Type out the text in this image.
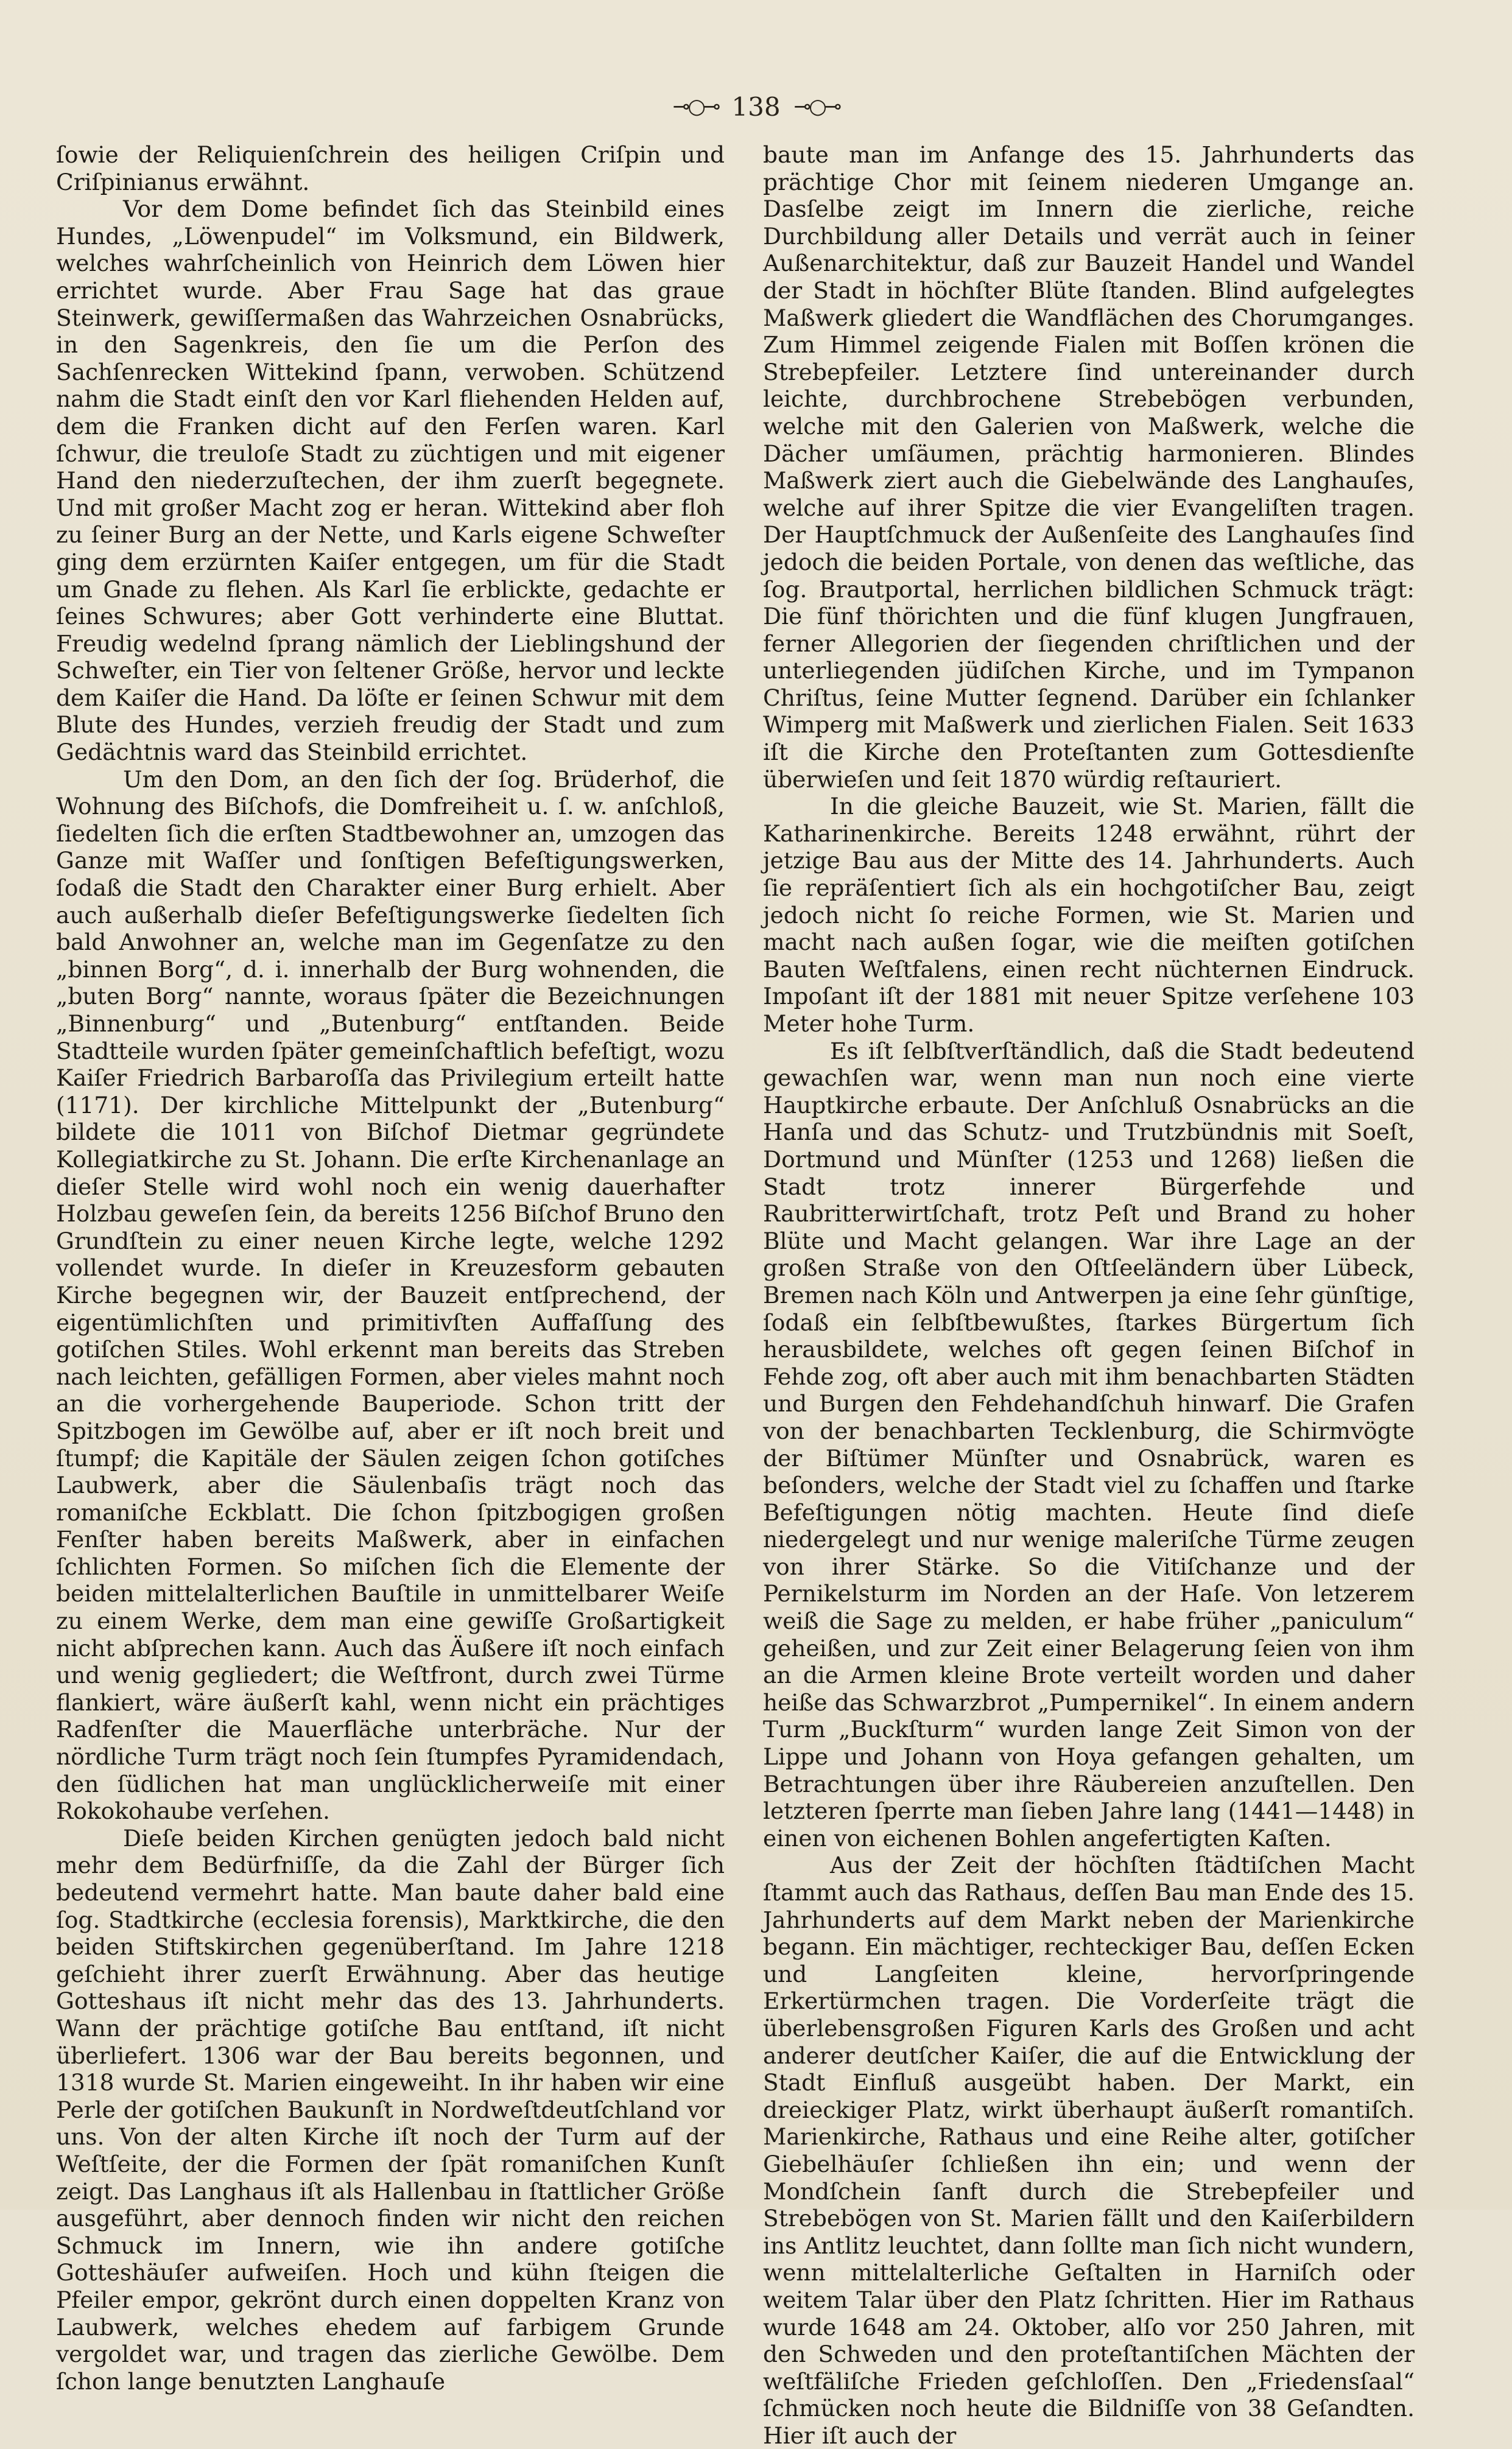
⊸○⊸ 138 ⊸○⊸

ſowie der Reliquienſchrein des heiligen Criſpin und Criſpinianus erwähnt.

Vor dem Dome befindet ſich das Steinbild eines Hundes, „Löwenpudel“ im Volksmund, ein Bildwerk, welches wahrſcheinlich von Heinrich dem Löwen hier errichtet wurde. Aber Frau Sage hat das graue Steinwerk, gewiſſermaßen das Wahrzeichen Osnabrücks, in den Sagenkreis, den ſie um die Perſon des Sachſenrecken Wittekind ſpann, verwoben. Schützend nahm die Stadt einſt den vor Karl fliehenden Helden auf, dem die Franken dicht auf den Ferſen waren. Karl ſchwur, die treuloſe Stadt zu züchtigen und mit eigener Hand den niederzuſtechen, der ihm zuerſt begegnete. Und mit großer Macht zog er heran. Wittekind aber floh zu ſeiner Burg an der Nette, und Karls eigene Schweſter ging dem erzürnten Kaiſer entgegen, um für die Stadt um Gnade zu flehen. Als Karl ſie erblickte, gedachte er ſeines Schwures; aber Gott verhinderte eine Bluttat. Freudig wedelnd ſprang nämlich der Lieblingshund der Schweſter, ein Tier von ſeltener Größe, hervor und leckte dem Kaiſer die Hand. Da löſte er ſeinen Schwur mit dem Blute des Hundes, verzieh freudig der Stadt und zum Gedächtnis ward das Steinbild errichtet.

Um den Dom, an den ſich der ſog. Brüderhof, die Wohnung des Biſchofs, die Domfreiheit u. ſ. w. anſchloß, ſiedelten ſich die erſten Stadtbewohner an, umzogen das Ganze mit Waſſer und ſonſtigen Befeſtigungswerken, ſodaß die Stadt den Charakter einer Burg erhielt. Aber auch außerhalb dieſer Befeſtigungswerke ſiedelten ſich bald Anwohner an, welche man im Gegenſatze zu den „binnen Borg“, d. i. innerhalb der Burg wohnenden, die „buten Borg“ nannte, woraus ſpäter die Bezeichnungen „Binnenburg“ und „Butenburg“ entſtanden. Beide Stadtteile wurden ſpäter gemeinſchaftlich befeſtigt, wozu Kaiſer Friedrich Barbaroſſa das Privilegium erteilt hatte (1171). Der kirchliche Mittelpunkt der „Butenburg“ bildete die 1011 von Biſchof Dietmar gegründete Kollegiatkirche zu St. Johann. Die erſte Kirchenanlage an dieſer Stelle wird wohl noch ein wenig dauerhafter Holzbau geweſen ſein, da bereits 1256 Biſchof Bruno den Grundſtein zu einer neuen Kirche legte, welche 1292 vollendet wurde. In dieſer in Kreuzesform gebauten Kirche begegnen wir, der Bauzeit entſprechend, der eigentümlichſten und primitivſten Auffaſſung des gotiſchen Stiles. Wohl erkennt man bereits das Streben nach leichten, gefälligen Formen, aber vieles mahnt noch an die vorhergehende Bauperiode. Schon tritt der Spitzbogen im Gewölbe auf, aber er iſt noch breit und ſtumpf; die Kapitäle der Säulen zeigen ſchon gotiſches Laubwerk, aber die Säulenbaſis trägt noch das romaniſche Eckblatt. Die ſchon ſpitzbogigen großen Fenſter haben bereits Maßwerk, aber in einfachen ſchlichten Formen. So miſchen ſich die Elemente der beiden mittelalterlichen Bauſtile in unmittelbarer Weiſe zu einem Werke, dem man eine gewiſſe Großartigkeit nicht abſprechen kann. Auch das Äußere iſt noch einfach und wenig gegliedert; die Weſtfront, durch zwei Türme flankiert, wäre äußerſt kahl, wenn nicht ein prächtiges Radfenſter die Mauerfläche unterbräche. Nur der nördliche Turm trägt noch ſein ſtumpfes Pyramidendach, den ſüdlichen hat man unglücklicherweiſe mit einer Rokokohaube verſehen.

Dieſe beiden Kirchen genügten jedoch bald nicht mehr dem Bedürfniſſe, da die Zahl der Bürger ſich bedeutend vermehrt hatte. Man baute daher bald eine ſog. Stadtkirche (ecclesia forensis), Marktkirche, die den beiden Stiftskirchen gegenüberſtand. Im Jahre 1218 geſchieht ihrer zuerſt Erwähnung. Aber das heutige Gotteshaus iſt nicht mehr das des 13. Jahrhunderts. Wann der prächtige gotiſche Bau entſtand, iſt nicht überliefert. 1306 war der Bau bereits begonnen, und 1318 wurde St. Marien eingeweiht. In ihr haben wir eine Perle der gotiſchen Baukunſt in Nordweſtdeutſchland vor uns. Von der alten Kirche iſt noch der Turm auf der Weſtſeite, der die Formen der ſpät romaniſchen Kunſt zeigt. Das Langhaus iſt als Hallenbau in ſtattlicher Größe ausgeführt, aber dennoch finden wir nicht den reichen Schmuck im Innern, wie ihn andere gotiſche Gotteshäuſer aufweiſen. Hoch und kühn ſteigen die Pfeiler empor, gekrönt durch einen doppelten Kranz von Laubwerk, welches ehedem auf farbigem Grunde vergoldet war, und tragen das zierliche Gewölbe. Dem ſchon lange benutzten Langhauſe

baute man im Anfange des 15. Jahrhunderts das prächtige Chor mit ſeinem niederen Umgange an. Dasſelbe zeigt im Innern die zierliche, reiche Durchbildung aller Details und verrät auch in ſeiner Außenarchitektur, daß zur Bauzeit Handel und Wandel der Stadt in höchſter Blüte ſtanden. Blind aufgelegtes Maßwerk gliedert die Wandflächen des Chorumganges. Zum Himmel zeigende Fialen mit Boſſen krönen die Strebepfeiler. Letztere ſind untereinander durch leichte, durchbrochene Strebebögen verbunden, welche mit den Galerien von Maßwerk, welche die Dächer umſäumen, prächtig harmonieren. Blindes Maßwerk ziert auch die Giebelwände des Langhauſes, welche auf ihrer Spitze die vier Evangeliſten tragen. Der Hauptſchmuck der Außenſeite des Langhauſes ſind jedoch die beiden Portale, von denen das weſtliche, das ſog. Brautportal, herrlichen bildlichen Schmuck trägt: Die fünf thörichten und die fünf klugen Jungfrauen, ferner Allegorien der ſiegenden chriſtlichen und der unterliegenden jüdiſchen Kirche, und im Tympanon Chriſtus, ſeine Mutter ſegnend. Darüber ein ſchlanker Wimperg mit Maßwerk und zierlichen Fialen. Seit 1633 iſt die Kirche den Proteſtanten zum Gottesdienſte überwieſen und ſeit 1870 würdig reſtauriert.

In die gleiche Bauzeit, wie St. Marien, fällt die Katharinenkirche. Bereits 1248 erwähnt, rührt der jetzige Bau aus der Mitte des 14. Jahrhunderts. Auch ſie repräſentiert ſich als ein hochgotiſcher Bau, zeigt jedoch nicht ſo reiche Formen, wie St. Marien und macht nach außen ſogar, wie die meiſten gotiſchen Bauten Weſtfalens, einen recht nüchternen Eindruck. Impoſant iſt der 1881 mit neuer Spitze verſehene 103 Meter hohe Turm.

Es iſt ſelbſtverſtändlich, daß die Stadt bedeutend gewachſen war, wenn man nun noch eine vierte Hauptkirche erbaute. Der Anſchluß Osnabrücks an die Hanſa und das Schutz- und Trutzbündnis mit Soeſt, Dortmund und Münſter (1253 und 1268) ließen die Stadt trotz innerer Bürgerfehde und Raubritterwirtſchaft, trotz Peſt und Brand zu hoher Blüte und Macht gelangen. War ihre Lage an der großen Straße von den Oſtſeeländern über Lübeck, Bremen nach Köln und Antwerpen ja eine ſehr günſtige, ſodaß ein ſelbſtbewußtes, ſtarkes Bürgertum ſich herausbildete, welches oft gegen ſeinen Biſchof in Fehde zog, oft aber auch mit ihm benachbarten Städten und Burgen den Fehdehandſchuh hinwarf. Die Grafen von der benachbarten Tecklenburg, die Schirmvögte der Biſtümer Münſter und Osnabrück, waren es beſonders, welche der Stadt viel zu ſchaffen und ſtarke Befeſtigungen nötig machten. Heute ſind dieſe niedergelegt und nur wenige maleriſche Türme zeugen von ihrer Stärke. So die Vitiſchanze und der Pernikelsturm im Norden an der Haſe. Von letzerem weiß die Sage zu melden, er habe früher „paniculum“ geheißen, und zur Zeit einer Belagerung ſeien von ihm an die Armen kleine Brote verteilt worden und daher heiße das Schwarzbrot „Pumpernikel“. In einem andern Turm „Buckſturm“ wurden lange Zeit Simon von der Lippe und Johann von Hoya gefangen gehalten, um Betrachtungen über ihre Räubereien anzuſtellen. Den letzteren ſperrte man ſieben Jahre lang (1441—1448) in einen von eichenen Bohlen angefertigten Kaſten.

Aus der Zeit der höchſten ſtädtiſchen Macht ſtammt auch das Rathaus, deſſen Bau man Ende des 15. Jahrhunderts auf dem Markt neben der Marienkirche begann. Ein mächtiger, rechteckiger Bau, deſſen Ecken und Langſeiten kleine, hervorſpringende Erkertürmchen tragen. Die Vorderſeite trägt die überlebensgroßen Figuren Karls des Großen und acht anderer deutſcher Kaiſer, die auf die Entwicklung der Stadt Einfluß ausgeübt haben. Der Markt, ein dreieckiger Platz, wirkt überhaupt äußerſt romantiſch. Marienkirche, Rathaus und eine Reihe alter, gotiſcher Giebelhäuſer ſchließen ihn ein; und wenn der Mondſchein ſanft durch die Strebepfeiler und Strebebögen von St. Marien fällt und den Kaiſerbildern ins Antlitz leuchtet, dann ſollte man ſich nicht wundern, wenn mittelalterliche Geſtalten in Harniſch oder weitem Talar über den Platz ſchritten. Hier im Rathaus wurde 1648 am 24. Oktober, alſo vor 250 Jahren, mit den Schweden und den proteſtantiſchen Mächten der weſtfäliſche Frieden geſchloſſen. Den „Friedensſaal“ ſchmücken noch heute die Bildniſſe von 38 Geſandten. Hier iſt auch der
